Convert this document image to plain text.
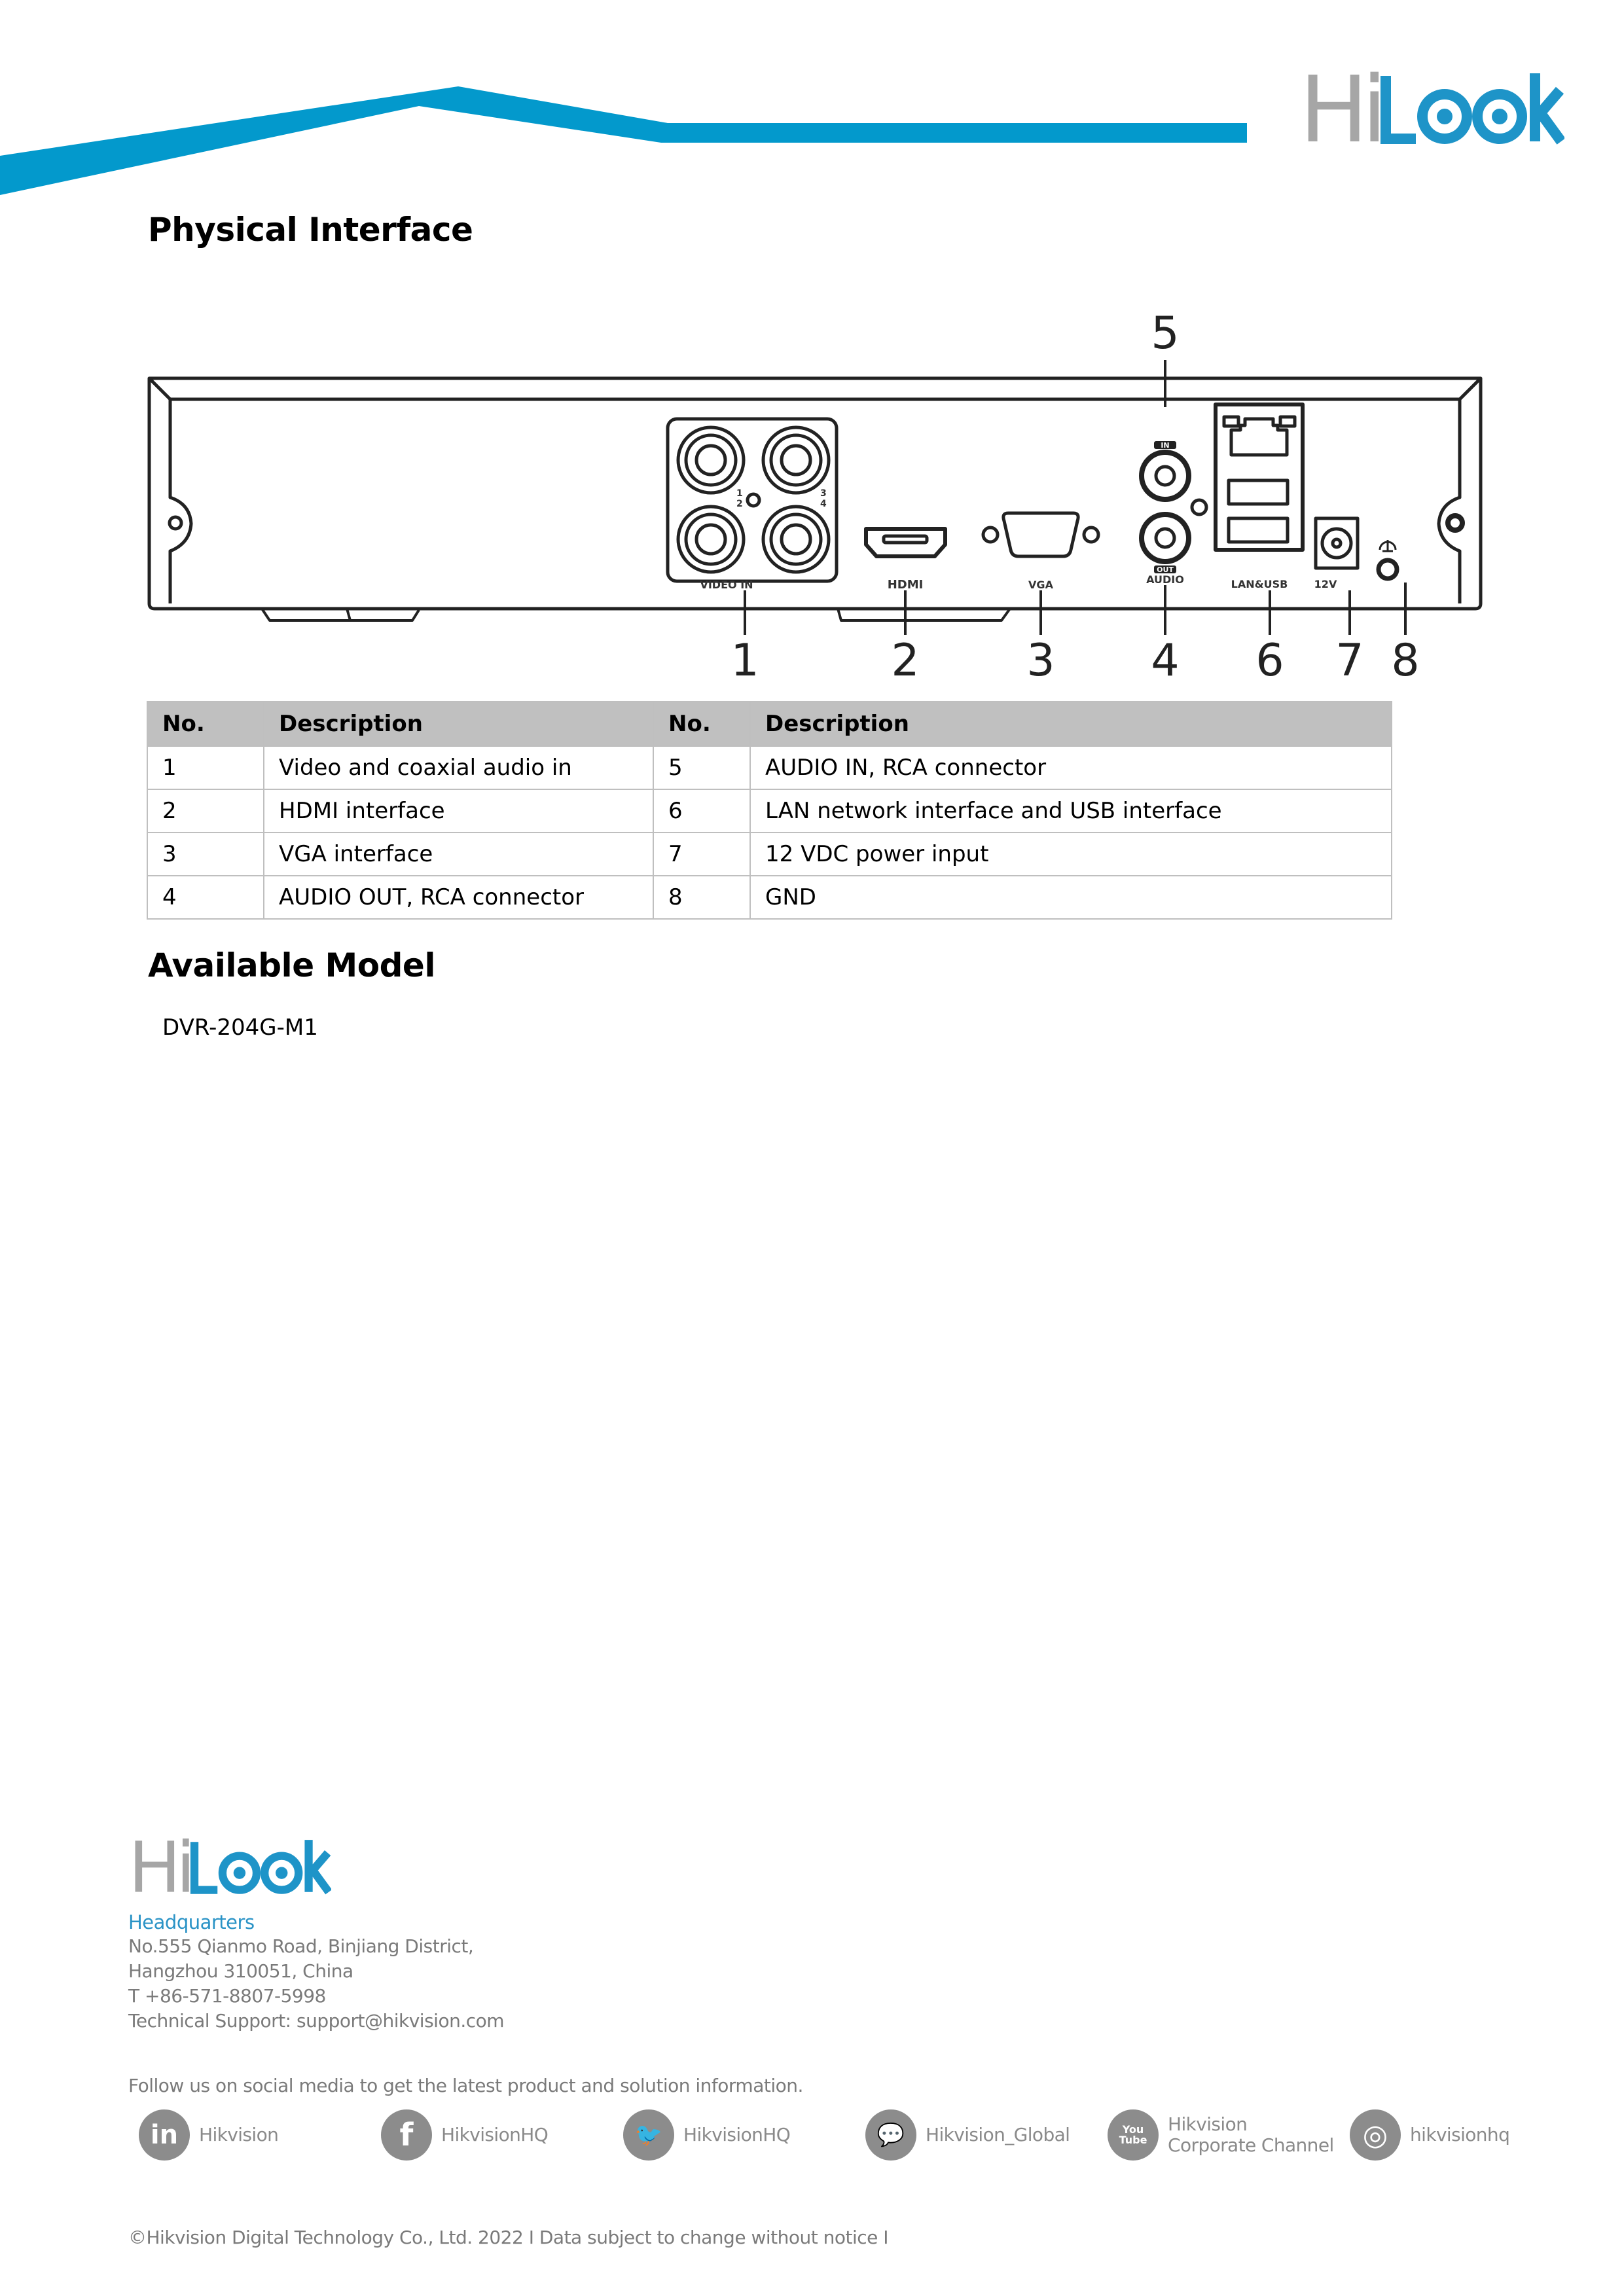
Hi
Physical Interface
VIDEO IN	HDMI	VGA
IN
OUT
AUDIO	LAN&USB	12V
1
2
3
4
1	2 3 4
5
6 7 8
No.	Description	No.	Description
1	Video and coaxial audio in	5	AUDIO IN, RCA connector
2	HDMI interface	6	LAN network interface and USB interface
3	VGA interface	7	12 VDC power input
4	AUDIO OUT, RCA connector	8	GND
Available Model
DVR-204G-M1
Hi
Headquarters
No.555 Qianmo Road, Binjiang District,
Hangzhou 310051, China
T +86-571-8807-5998
Technical Support: support@hikvision.com
Follow us on social media to get the latest product and solution information.
in	Hikvision	f	HikvisionHQ	🐦	HikvisionHQ	💬	Hikvision_Global	You Tube
Hikvision
Corporate Channel	◎	hikvisionhq
©Hikvision Digital Technology Co., Ltd. 2022 I Data subject to change without notice I
